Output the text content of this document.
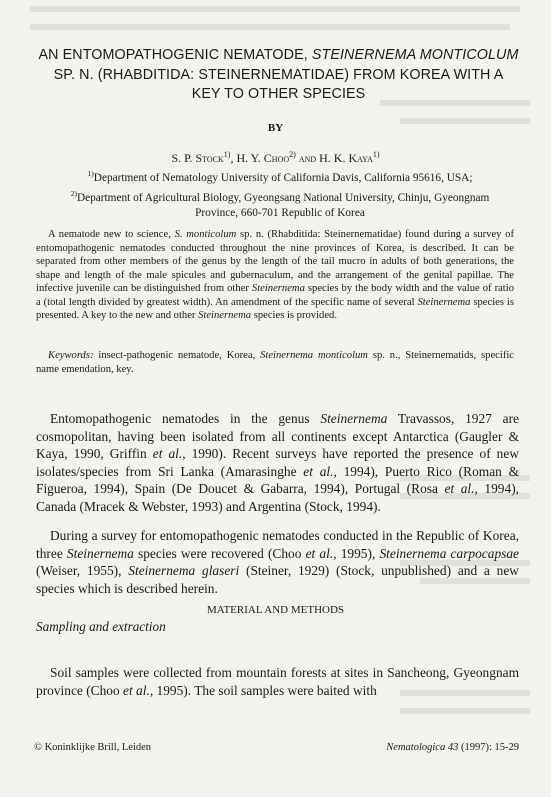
AN ENTOMOPATHOGENIC NEMATODE, STEINERNEMA MONTICOLUM
SP. N. (RHABDITIDA: STEINERNEMATIDAE) FROM KOREA WITH A
KEY TO OTHER SPECIES
BY
S. P. Stock$^{1)}$, H. Y. Choo$^{2)}$ and H. K. Kaya$^{1)}$
$^{1)}$Department of Nematology University of California Davis, California 95616, USA;
$^{2)}$Department of Agricultural Biology, Gyeongsang National University, Chinju, Gyeongnam
Province, 660-701 Republic of Korea
A nematode new to science, S. monticolum sp. n. (Rhabditida: Steinernematidae) found during a survey of entomopathogenic nematodes conducted throughout the nine provinces of Korea, is described. It can be separated from other members of the genus by the length of the tail mucro in adults of both generations, the shape and length of the male spicules and gubernaculum, and the arrangement of the genital papillae. The infective juvenile can be distinguished from other Steinernema species by the body width and the value of ratio a (total length divided by greatest width). An amendment of the specific name of several Steinernema species is presented. A key to the new and other Steinernema species is provided.
Keywords: insect-pathogenic nematode, Korea, Steinernema monticolum sp. n., Steinernematids, specific name emendation, key.
Entomopathogenic nematodes in the genus Steinernema Travassos, 1927 are cosmopolitan, having been isolated from all continents except Antarctica (Gaugler & Kaya, 1990, Griffin et al., 1990). Recent surveys have reported the presence of new isolates/species from Sri Lanka (Amarasinghe et al., 1994), Puerto Rico (Roman & Figueroa, 1994), Spain (De Doucet & Gabarra, 1994), Portugal (Rosa et al., 1994), Canada (Mracek & Webster, 1993) and Argentina (Stock, 1994).
During a survey for entomopathogenic nematodes conducted in the Republic of Korea, three Steinernema species were recovered (Choo et al., 1995), Steinernema carpocapsae (Weiser, 1955), Steinernema glaseri (Steiner, 1929) (Stock, unpublished) and a new species which is described herein.
MATERIAL AND METHODS
Sampling and extraction
Soil samples were collected from mountain forests at sites in Sancheong, Gyeongnam province (Choo et al., 1995). The soil samples were baited with
© Koninklijke Brill, Leiden	Nematologica 43 (1997): 15-29
